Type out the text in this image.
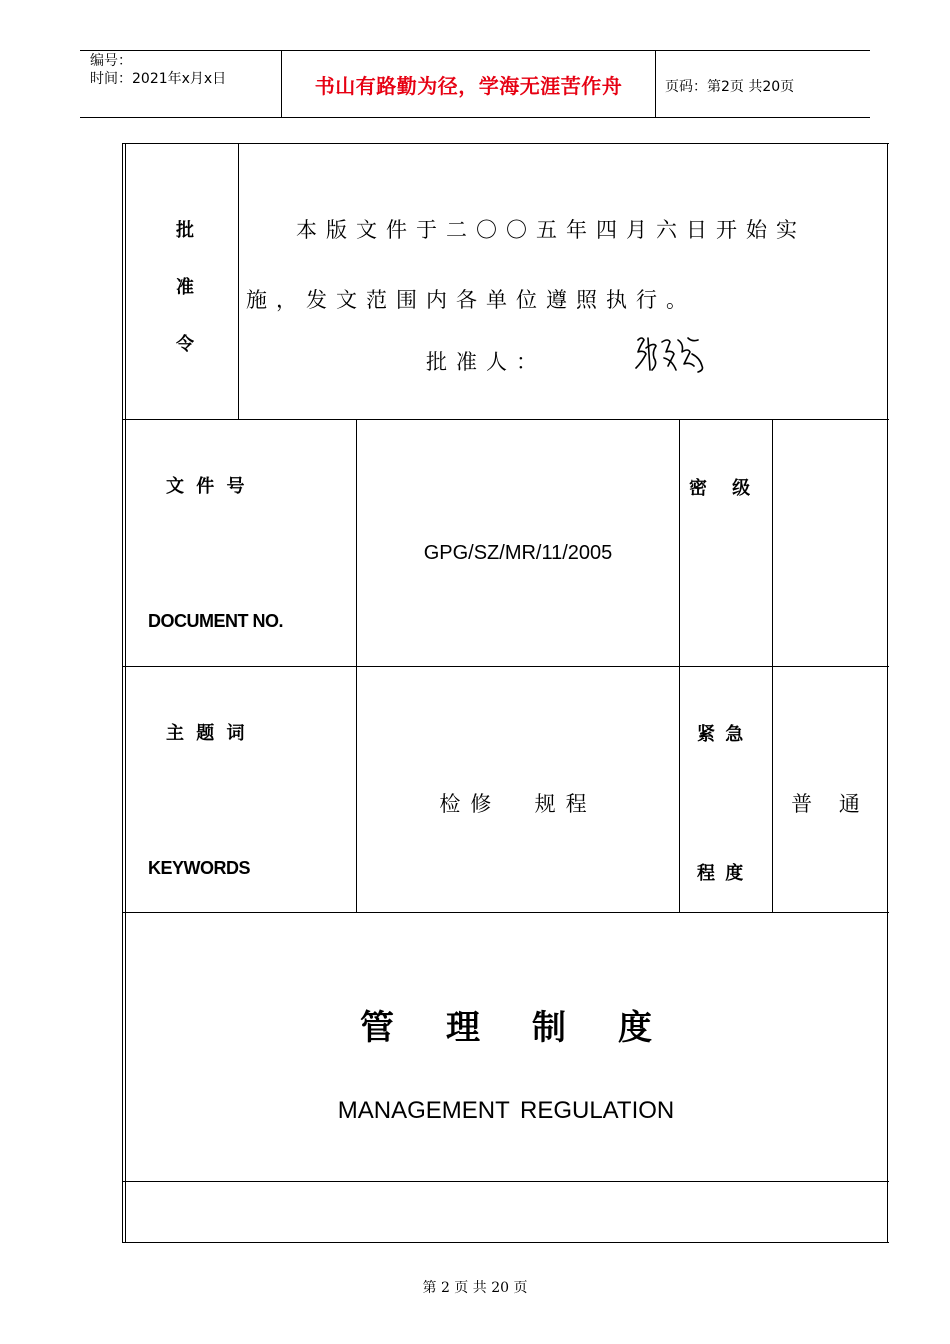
编号：
时间：2021年x月x日	书山有路勤为径，学海无涯苦作舟	页码：第2页 共20页
批
准
令
本版文件于二〇〇五年四月六日开始实
施，发文范围内各单位遵照执行。
批准人：
文 件 号
DOCUMENT NO.
GPG/SZ/MR/11/2005
密    级
主 题 词
KEYWORDS
检修  规程
紧 急
程 度
普 通
管理制度
MANAGEMENT REGULATION
第 2 页 共 20 页
